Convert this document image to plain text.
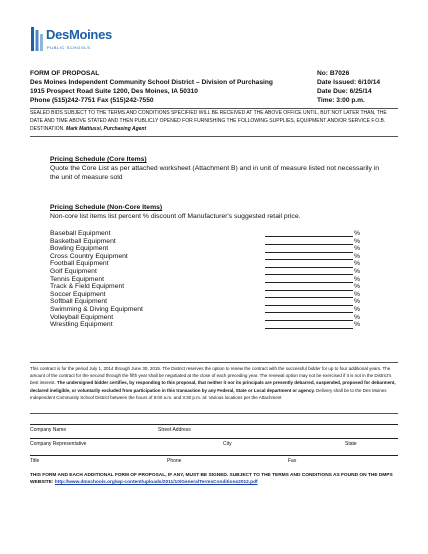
DesMoines
PUBLIC SCHOOLS
FORM OF PROPOSAL
Des Moines Independent Community School District – Division of Purchasing
1915 Prospect Road Suite 1200, Des Moines, IA 50310
Phone (515)242-7751 Fax (515)242-7550
No: B7026
Date Issued: 6/10/14
Date Due: 6/25/14
Time: 3:00 p.m.
SEALED BIDS SUBJECT TO THE TERMS AND CONDITIONS SPECIFIED WILL BE RECEIVED AT THE ABOVE OFFICE UNTIL, BUT NOT LATER THAN, THE DATE AND TIME ABOVE STATED AND THEN PUBLICLY OPENED FOR FURNISHING THE FOLLOWING SUPPLIES, EQUIPMENT AND/OR SERVICE F.O.B. DESTINATION. Mark Mattiussi, Purchasing Agent
Pricing Schedule (Core Items)
Quote the Core List as per attached worksheet (Attachment B) and in unit of measure listed not necessarily in the unit of measure sold
Pricing Schedule (Non-Core Items)
Non-core list items list percent % discount off Manufacturer's suggested retail price.
Baseball Equipment	%
Basketball Equipment	%
Bowling Equipment	%
Cross Country Equipment	%
Football Equipment	%
Golf Equipment	%
Tennis Equipment	%
Track & Field Equipment	%
Soccer Equipment	%
Softball Equipment	%
Swimming & Diving Equipment	%
Volleyball Equipment	%
Wrestling Equipment	%
This contract is for the period July 1, 2014 through June 30, 2015. The District reserves the option to renew the contract with the successful bidder for up to four additional years. The amount of the contract for the second through the fifth year shall be negotiated at the close of each preceding year. The renewal option may not be exercised if it is not in the District's best interest. The undersigned bidder certifies, by responding to this proposal, that neither it nor its principals are presently debarred, suspended, proposed for debarment, declared ineligible, or voluntarily excluded from participation in this transaction by any Federal, State or Local department or agency. Delivery shall be to the Des Moines Independent Community School District between the hours of 8:00 a.m. and 3:30 p.m. at: Various locations per the Attachment
Company Name	Street Address
Company Representative	City	State
Title	Phone	Fax
THIS FORM AND EACH ADDITIONAL FORM OF PROPOSAL, IF ANY, MUST BE SIGNED. SUBJECT TO THE TERMS AND CONDITIONS AS FOUND ON THE DMPS WEBSITE: http://www.dmschools.org/wp-content/uploads/2011/10/GeneralTermsConditions2012.pdf
